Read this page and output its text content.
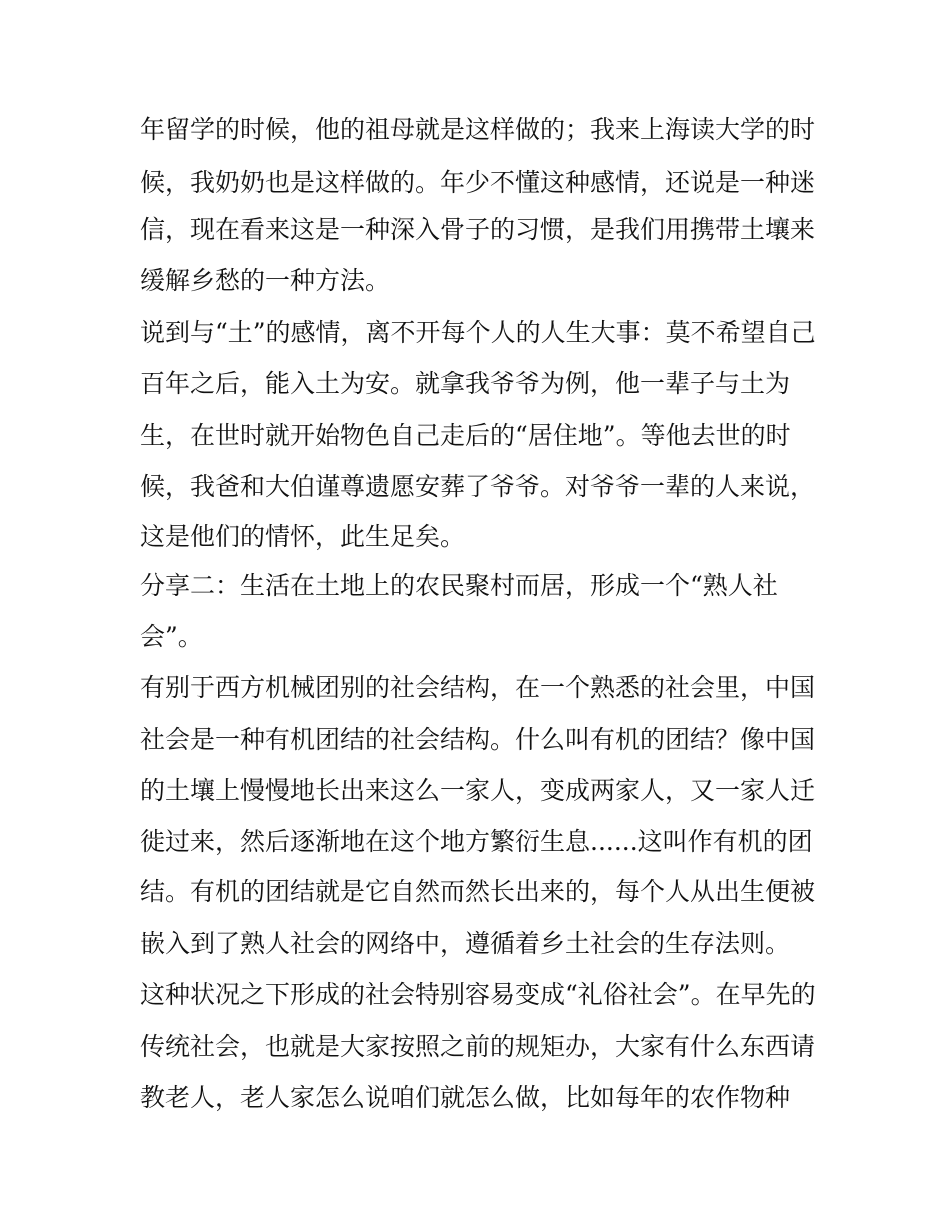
年留学的时候，他的祖母就是这样做的；我来上海读大学的时
候，我奶奶也是这样做的。年少不懂这种感情，还说是一种迷
信，现在看来这是一种深入骨子的习惯，是我们用携带土壤来
缓解乡愁的一种方法。
说到与“土”的感情，离不开每个人的人生大事：莫不希望自己
百年之后，能入土为安。就拿我爷爷为例，他一辈子与土为
生，在世时就开始物色自己走后的“居住地”。等他去世的时
候，我爸和大伯谨尊遗愿安葬了爷爷。对爷爷一辈的人来说，
这是他们的情怀，此生足矣。
分享二：生活在土地上的农民聚村而居，形成一个“熟人社
会”。
有别于西方机械团别的社会结构，在一个熟悉的社会里，中国
社会是一种有机团结的社会结构。什么叫有机的团结？像中国
的土壤上慢慢地长出来这么一家人，变成两家人，又一家人迁
徙过来，然后逐渐地在这个地方繁衍生息......这叫作有机的团
结。有机的团结就是它自然而然长出来的，每个人从出生便被
嵌入到了熟人社会的网络中，遵循着乡土社会的生存法则。
这种状况之下形成的社会特别容易变成“礼俗社会”。在早先的
传统社会，也就是大家按照之前的规矩办，大家有什么东西请
教老人，老人家怎么说咱们就怎么做，比如每年的农作物种
